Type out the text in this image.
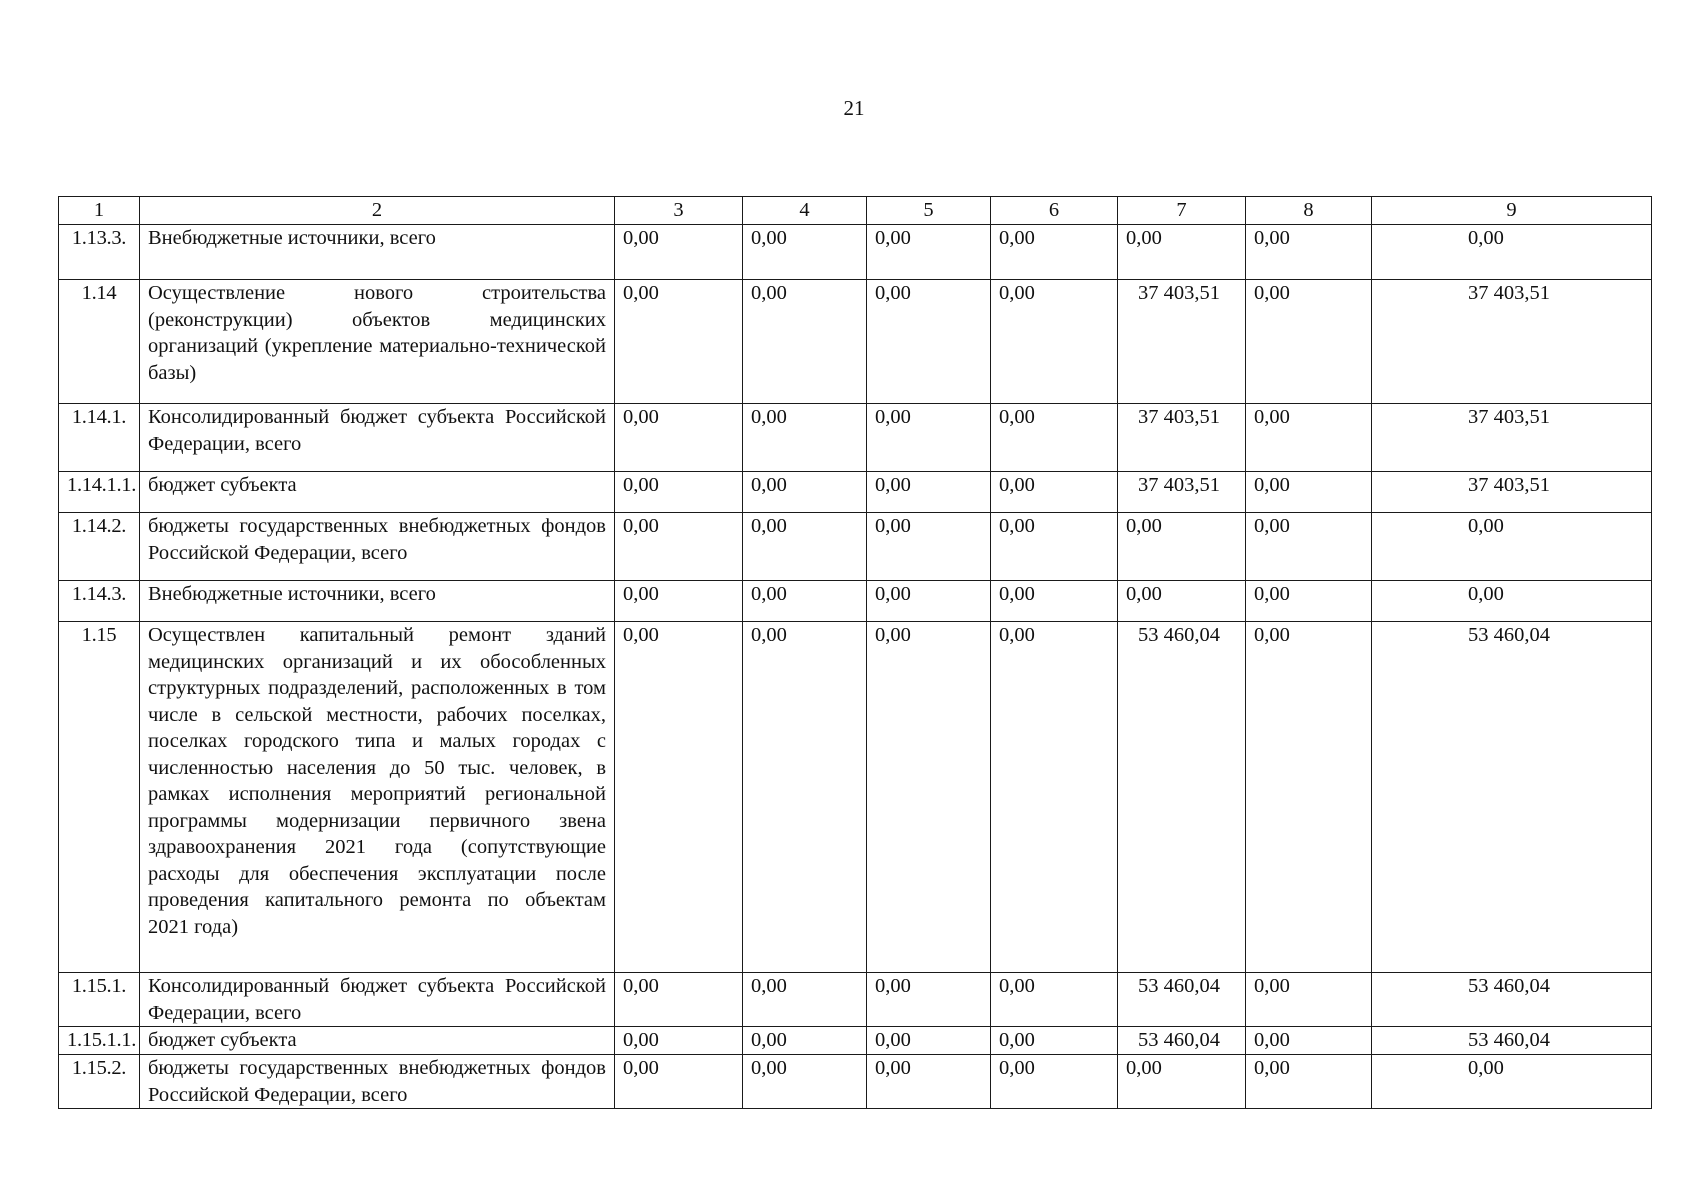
21
1	2	3	4	5	6	7	8	9
1.13.3.	Внебюджетные источники, всего	0,00	0,00	0,00	0,00	0,00	0,00	0,00
1.14	Осуществление нового строительства (реконструкции) объектов медицинских организаций (укрепление материально-технической базы)	0,00	0,00	0,00	0,00	37 403,51	0,00	37 403,51
1.14.1.	Консолидированный бюджет субъекта Российской Федерации, всего	0,00	0,00	0,00	0,00	37 403,51	0,00	37 403,51
1.14.1.1.	бюджет субъекта	0,00	0,00	0,00	0,00	37 403,51	0,00	37 403,51
1.14.2.	бюджеты государственных внебюджетных фондов Российской Федерации, всего	0,00	0,00	0,00	0,00	0,00	0,00	0,00
1.14.3.	Внебюджетные источники, всего	0,00	0,00	0,00	0,00	0,00	0,00	0,00
1.15	Осуществлен капитальный ремонт зданий медицинских организаций и их обособленных структурных подразделений, расположенных в том числе в сельской местности, рабочих поселках, поселках городского типа и малых городах с численностью населения до 50 тыс. человек, в рамках исполнения мероприятий региональной программы модернизации первичного звена здравоохранения 2021 года (сопутствующие расходы для обеспечения эксплуатации после проведения капитального ремонта по объектам 2021 года)	0,00	0,00	0,00	0,00	53 460,04	0,00	53 460,04
1.15.1.	Консолидированный бюджет субъекта Российской Федерации, всего	0,00	0,00	0,00	0,00	53 460,04	0,00	53 460,04
1.15.1.1.	бюджет субъекта	0,00	0,00	0,00	0,00	53 460,04	0,00	53 460,04
1.15.2.	бюджеты государственных внебюджетных фондов Российской Федерации, всего	0,00	0,00	0,00	0,00	0,00	0,00	0,00
